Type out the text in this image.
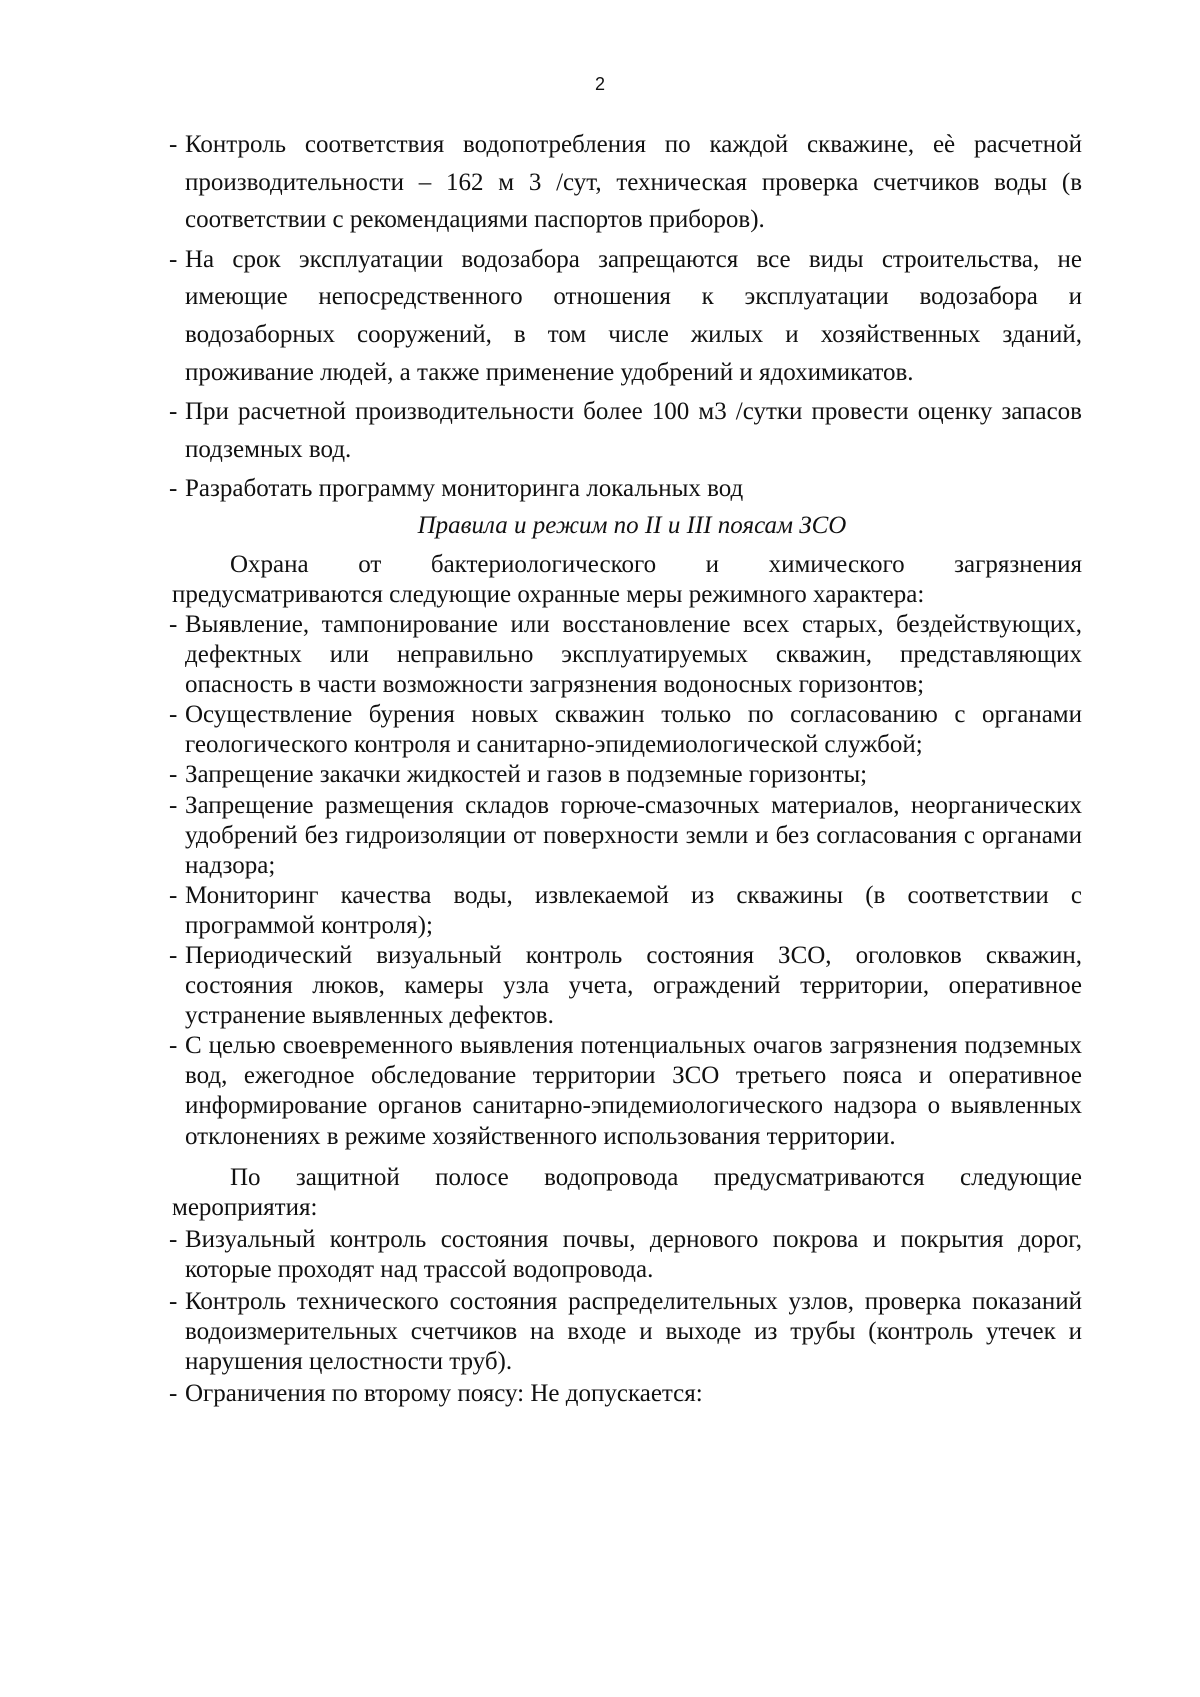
2
- Контроль соответствия водопотребления по каждой скважине, еѐ расчетной производительности – 162 м 3 /сут, техническая проверка счетчиков воды (в соответствии с рекомендациями паспортов приборов).
- На срок эксплуатации водозабора запрещаются все виды строительства, не имеющие непосредственного отношения к эксплуатации водозабора и водозаборных сооружений, в том числе жилых и хозяйственных зданий, проживание людей, а также применение удобрений и ядохимикатов.
- При расчетной производительности более 100 м3 /сутки провести оценку запасов подземных вод.
- Разработать программу мониторинга локальных вод
Правила и режим по II и III поясам ЗСО
Охрана от бактериологического и химического загрязнения предусматриваются следующие охранные меры режимного характера:
- Выявление, тампонирование или восстановление всех старых, бездействующих, дефектных или неправильно эксплуатируемых скважин, представляющих опасность в части возможности загрязнения водоносных горизонтов;
- Осуществление бурения новых скважин только по согласованию с органами геологического контроля и санитарно-эпидемиологической службой;
- Запрещение закачки жидкостей и газов в подземные горизонты;
- Запрещение размещения складов горюче-смазочных материалов, неорганических удобрений без гидроизоляции от поверхности земли и без согласования с органами надзора;
- Мониторинг качества воды, извлекаемой из скважины (в соответствии с программой контроля);
- Периодический визуальный контроль состояния ЗСО, оголовков скважин, состояния люков, камеры узла учета, ограждений территории, оперативное устранение выявленных дефектов.
- С целью своевременного выявления потенциальных очагов загрязнения подземных вод, ежегодное обследование территории ЗСО третьего пояса и оперативное информирование органов санитарно-эпидемиологического надзора о выявленных отклонениях в режиме хозяйственного использования территории.
По защитной полосе водопровода предусматриваются следующие мероприятия:
- Визуальный контроль состояния почвы, дернового покрова и покрытия дорог, которые проходят над трассой водопровода.
- Контроль технического состояния распределительных узлов, проверка показаний водоизмерительных счетчиков на входе и выходе из трубы (контроль утечек и нарушения целостности труб).
- Ограничения по второму поясу: Не допускается:
